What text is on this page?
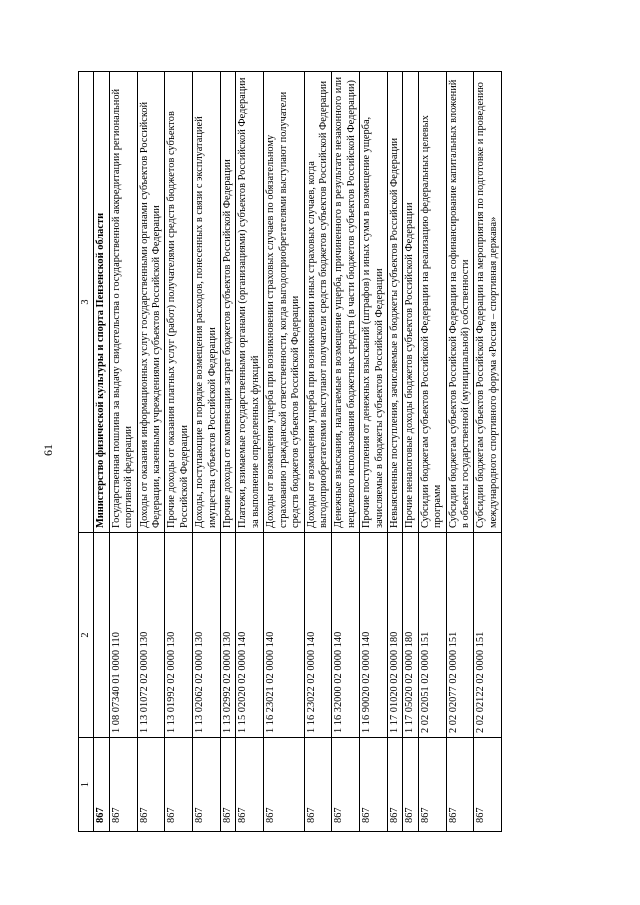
61
1	2	3
867		Министерство физической культуры и спорта Пензенской области
867	1 08 07340 01 0000 110	Государственная пошлина за выдачу свидетельства о государственной аккредитации региональной спортивной федерации
867	1 13 01072 02 0000 130	Доходы от оказания информационных услуг государственными органами субъектов Российской Федерации, казенными учреждениями субъектов Российской Федерации
867	1 13 01992 02 0000 130	Прочие доходы от оказания платных услуг (работ) получателями средств бюджетов субъектов Российской Федерации
867	1 13 02062 02 0000 130	Доходы, поступающие в порядке возмещения расходов, понесенных в связи с эксплуатацией имущества субъектов Российской Федерации
867	1 13 02992 02 0000 130	Прочие доходы от компенсации затрат бюджетов субъектов Российской Федерации
867	1 15 02020 02 0000 140	Платежи, взимаемые государственными органами (организациями) субъектов Российской Федерации за выполнение определенных функций
867	1 16 23021 02 0000 140	Доходы от возмещения ущерба при возникновении страховых случаев по обязательному страхованию гражданской ответственности, когда выгодоприобретателями выступают получатели средств бюджетов субъектов Российской Федерации
867	1 16 23022 02 0000 140	Доходы от возмещения ущерба при возникновении иных страховых случаев, когда выгодоприобретателями выступают получатели средств бюджетов субъектов Российской Федерации
867	1 16 32000 02 0000 140	Денежные взыскания, налагаемые в возмещение ущерба, причиненного в результате незаконного или нецелевого использования бюджетных средств (в части бюджетов субъектов Российской Федерации)
867	1 16 90020 02 0000 140	Прочие поступления от денежных взысканий (штрафов) и иных сумм в возмещение ущерба, зачисляемые в бюджеты субъектов Российской Федерации
867	1 17 01020 02 0000 180	Невыясненные поступления, зачисляемые в бюджеты субъектов Российской Федерации
867	1 17 05020 02 0000 180	Прочие неналоговые доходы бюджетов субъектов Российской Федерации
867	2 02 02051 02 0000 151	Субсидии бюджетам субъектов Российской Федерации на реализацию федеральных целевых программ
867	2 02 02077 02 0000 151	Субсидии бюджетам субъектов Российской Федерации на софинансирование капитальных вложений в объекты государственной (муниципальной) собственности
867	2 02 02122 02 0000 151	Субсидии бюджетам субъектов Российской Федерации на мероприятия по подготовке и проведению международного спортивного форума «Россия – спортивная держава»
